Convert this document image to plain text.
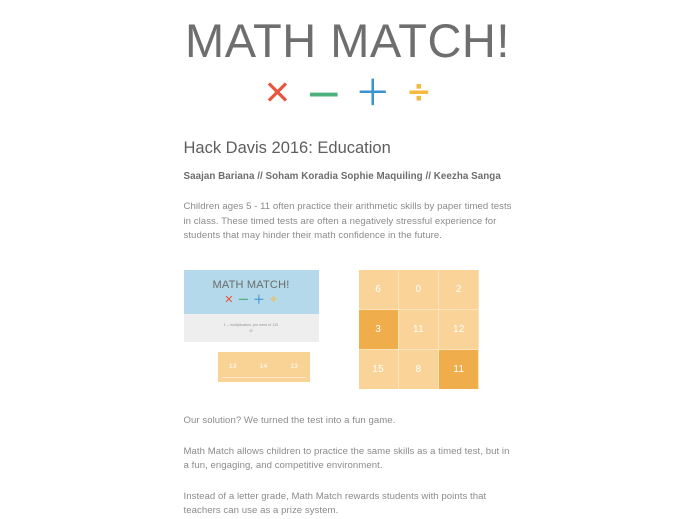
MATH MATCH!
✕ — ＋ ÷
Hack Davis 2016: Education

Saajan Bariana // Soham Koradia Sophie Maquiling // Keezha Sanga

Children ages 5 - 11 often practice their arithmetic skills by paper timed tests in class. These timed tests are often a negatively stressful experience for students that may hinder their math confidence in the future.

MATH MATCH!
✕ — ＋ ÷
1 – multiplication, pro need of 119
40
13	14	13
6	0	2
3	11	12
15	8	11

Our solution? We turned the test into a fun game.

Math Match allows children to practice the same skills as a timed test, but in a fun, engaging, and competitive environment.

Instead of a letter grade, Math Match rewards students with points that teachers can use as a prize system.
